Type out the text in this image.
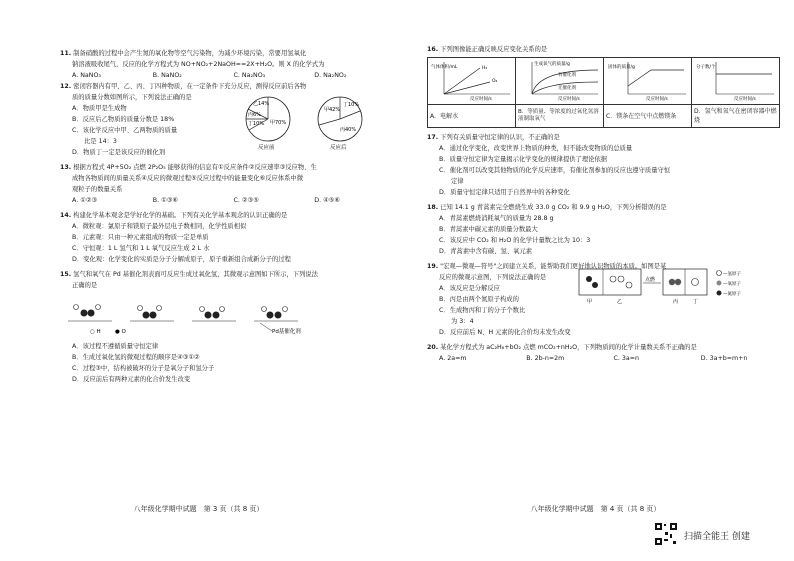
11. 制备硝酸的过程中会产生氮的氧化物等空气污染物，为减少环境污染，常要用氢氧化
钠溶液吸收尾气，反应的化学方程式为 NO+NO₂+2NaOH==2X+H₂O。则 X 的化学式为
A. NaNO₃	B. NaNO₂	C. Na₂NO₃	D. Na₂NO₂
12. 密闭容器内有甲、乙、丙、丁四种物质，在一定条件下充分反应，测得反应前后各物
质的质量分数如图所示，下列说法正确的是
A．物质甲是生成物
B．反应后乙物质的质量分数是 18%
C．该化学反应中甲、乙两物质的质量
比是 14：3
D．物质丁一定是该反应的催化剂
乙14%
丙6%
丁10% 甲70%
反应前
甲42%
丙40%
丁10%
反应后
13. 根据方程式 4P+5O₂ 点燃 2P₂O₅ 能够获得的信息有①反应条件②反应速率③反应物、生
成物各物质间的质量关系④反应的微观过程⑤反应过程中的能量变化⑥反应体系中微
观粒子的数量关系
A. ①②③	B. ①③⑥	C. ②③⑤	D. ④⑤⑥
14. 构建化学基本观念是学好化学的基础。下列有关化学基本观念的认识正确的是
A．微粒观：氯原子和镁原子最外层电子数相同，化学性质相似
B．元素观：只由一种元素组成的物质一定是单质
C．守恒观：1 L 氢气和 1 L 氧气反应生成 2 L 水
D．变化观：化学变化的实质是分子分解成原子，原子重新组合成新分子的过程
15. 氢气和氧气在 Pd 基催化剂表面可反应生成过氧化氢，其微观示意图如下所示，下列说法
正确的是
○ H	● O	Pd基催化剂
A．该过程不遵循质量守恒定律
B．生成过氧化氢的微观过程的顺序是④③①②
C．过程③中，结构被破坏的分子是氧分子和氢分子
D．反应前后有两种元素的化合价发生改变
八年级化学期中试题　第 3 页（共 8 页）
16. 下列图像能正确反映反应变化关系的是
气体体积/mL H₂
O₂
反应时间/s	生成氧气的质量/g
有催化剂
无催化剂
反应时间/s	固体的质量/g
反应时间/s	分子数/个
反应时间/s

A．电解水	B．等质量、等浓度的过氧化氢溶液制取氧气	C．镁条在空气中点燃镁条	D．氢气和氧气在密闭容器中燃烧
17. 下列有关质量守恒定律的认识，不正确的是
A．通过化学变化，改变世界上物质的种类，但不能改变物质的总质量
B．质量守恒定律为定量揭示化学变化的规律提供了理论依据
C．催化剂可以改变其他物质的化学反应速率，有催化剂参加的反应也遵守质量守恒
定律
D．质量守恒定律只适用于自然界中的各种变化
18. 已知 14.1 g 青蒿素完全燃烧生成 33.0 g CO₂ 和 9.9 g H₂O，下列分析错误的是
A．青蒿素燃烧消耗氧气的质量为 28.8 g
B．青蒿素中碳元素的质量分数最大
C．该反应中 CO₂ 和 H₂O 的化学计量数之比为 10：3
D．青蒿素中含有碳、氢、氧元素
19. "宏观—微观—符号"之间建立关系，能帮助我们更好地认识物质的本质。如图是某
反应的微观示意图，下列说法正确的是
A．该反应是分解反应
B．丙是由两个氮原子构成的
C．生成物丙和丁的分子个数比
为 3：4
D．反应前后 N、H 元素的化合价均未发生改变
甲	乙
点燃
丙	丁
—氢原子
—氧原子
—氮原子
20. 某化学方程式为 aC₂H₆+bO₂ 点燃 mCO₂+nH₂O，下列物质间的化学计量数关系不正确的是
A. 2a=m	B. 2b-n=2m	C. 3a=n	D. 3a+b=m+n
八年级化学期中试题　第 4 页（共 8 页）
扫描全能王 创建
